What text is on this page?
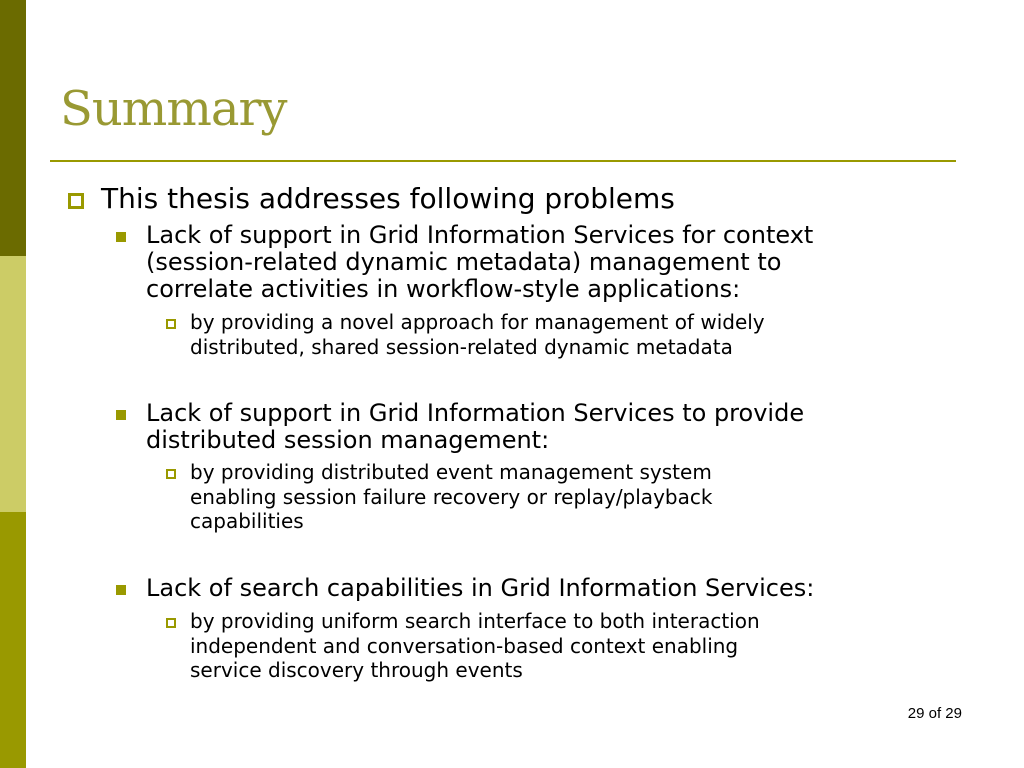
Summary

This thesis addresses following problems

Lack of support in Grid Information Services for context
(session-related dynamic metadata) management to
correlate activities in workflow-style applications:

by providing a novel approach for management of widely
distributed, shared session-related dynamic metadata

Lack of support in Grid Information Services to provide
distributed session management:

by providing distributed event management system
enabling session failure recovery or replay/playback
capabilities

Lack of search capabilities in Grid Information Services:

by providing uniform search interface to both interaction
independent and conversation-based context enabling
service discovery through events

29 of 29
